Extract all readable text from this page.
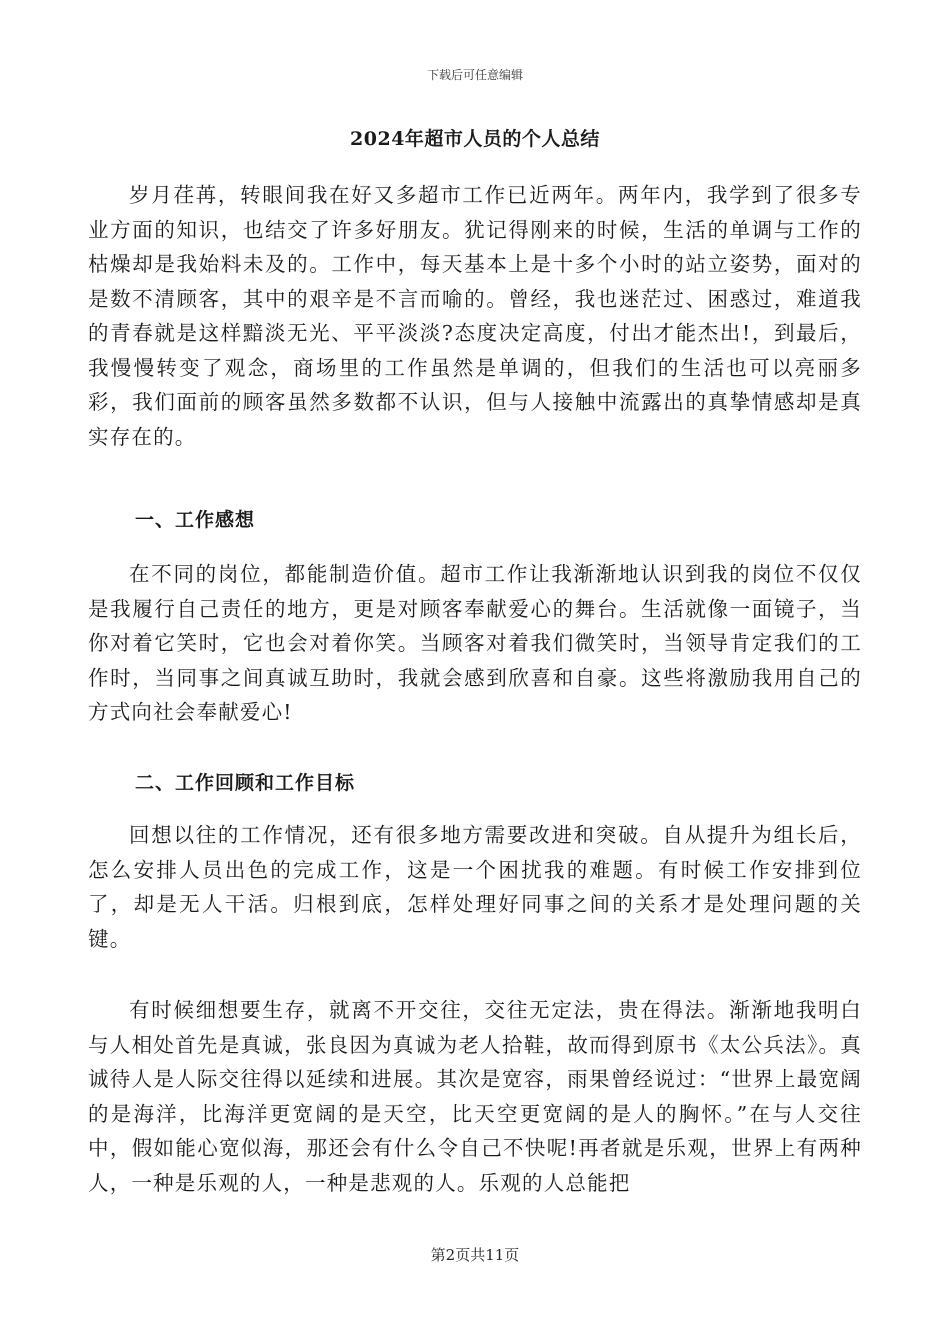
下载后可任意编辑
2024年超市人员的个人总结

岁月荏苒，转眼间我在好又多超市工作已近两年。两年内，我学到了很多专业方面的知识，也结交了许多好朋友。犹记得刚来的时候，生活的单调与工作的枯燥却是我始料未及的。工作中，每天基本上是十多个小时的站立姿势，面对的是数不清顾客，其中的艰辛是不言而喻的。曾经，我也迷茫过、困惑过，难道我的青春就是这样黯淡无光、平平淡淡?态度决定高度，付出才能杰出!，到最后，我慢慢转变了观念，商场里的工作虽然是单调的，但我们的生活也可以亮丽多彩，我们面前的顾客虽然多数都不认识，但与人接触中流露出的真挚情感却是真实存在的。

一、工作感想

在不同的岗位，都能制造价值。超市工作让我渐渐地认识到我的岗位不仅仅是我履行自己责任的地方，更是对顾客奉献爱心的舞台。生活就像一面镜子，当你对着它笑时，它也会对着你笑。当顾客对着我们微笑时，当领导肯定我们的工作时，当同事之间真诚互助时，我就会感到欣喜和自豪。这些将激励我用自己的方式向社会奉献爱心!

二、工作回顾和工作目标

回想以往的工作情况，还有很多地方需要改进和突破。自从提升为组长后，怎么安排人员出色的完成工作，这是一个困扰我的难题。有时候工作安排到位了，却是无人干活。归根到底，怎样处理好同事之间的关系才是处理问题的关键。

有时候细想要生存，就离不开交往，交往无定法，贵在得法。渐渐地我明白与人相处首先是真诚，张良因为真诚为老人拾鞋，故而得到原书《太公兵法》。真诚待人是人际交往得以延续和进展。其次是宽容，雨果曾经说过：“世界上最宽阔的是海洋，比海洋更宽阔的是天空，比天空更宽阔的是人的胸怀。”在与人交往中，假如能心宽似海，那还会有什么令自己不快呢!再者就是乐观，世界上有两种人，一种是乐观的人，一种是悲观的人。乐观的人总能把

第2页共11页
